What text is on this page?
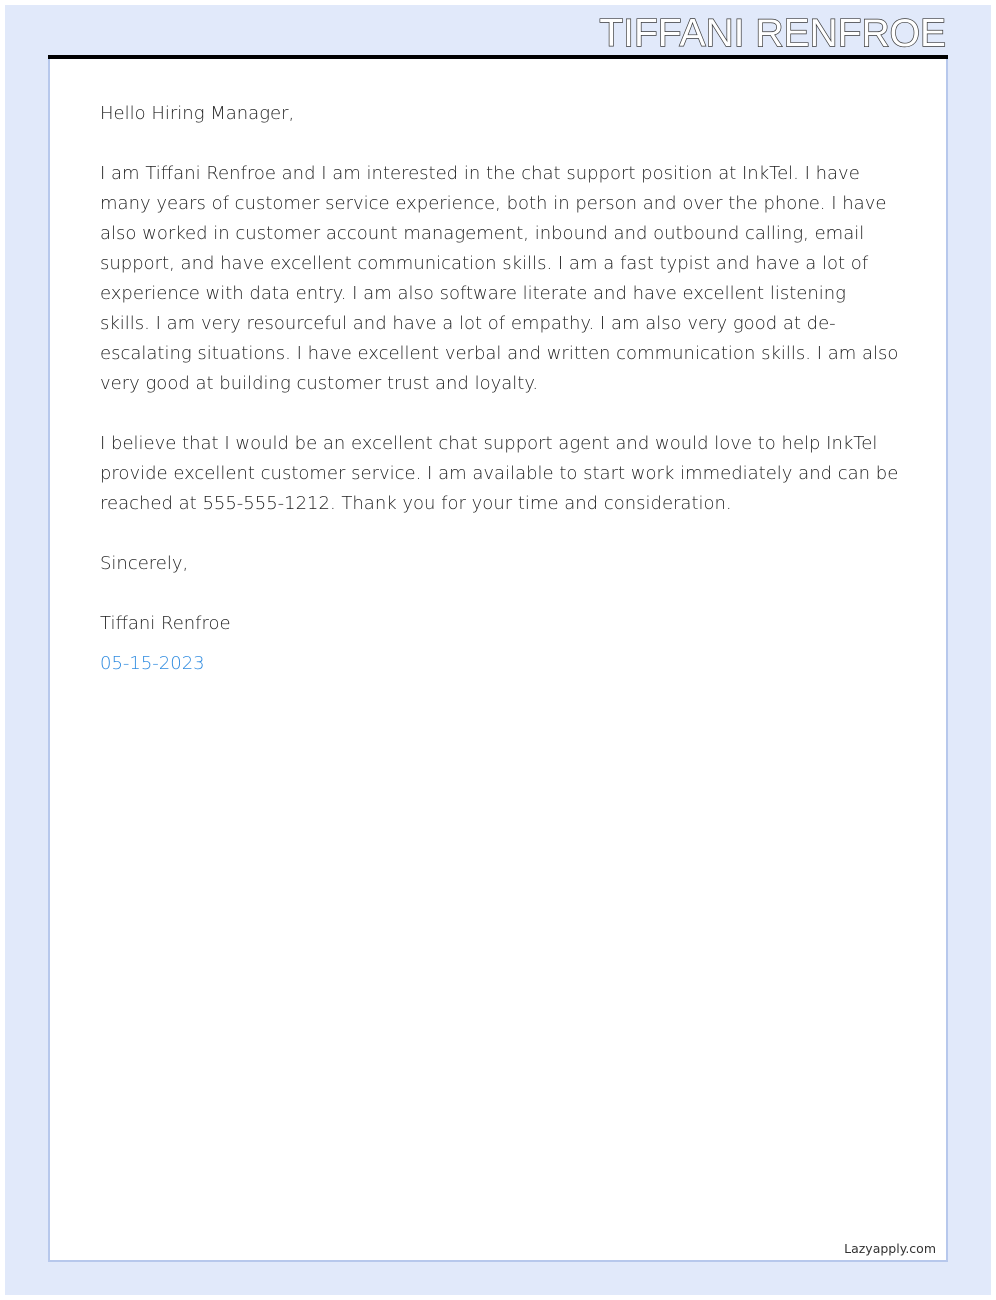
TIFFANI RENFROE

Hello Hiring Manager,

I am Tiffani Renfroe and I am interested in the chat support position at InkTel. I have many years of customer service experience, both in person and over the phone. I have also worked in customer account management, inbound and outbound calling, email support, and have excellent communication skills. I am a fast typist and have a lot of experience with data entry. I am also software literate and have excellent listening skills. I am very resourceful and have a lot of empathy. I am also very good at de-escalating situations. I have excellent verbal and written communication skills. I am also very good at building customer trust and loyalty.

I believe that I would be an excellent chat support agent and would love to help InkTel provide excellent customer service. I am available to start work immediately and can be reached at 555-555-1212. Thank you for your time and consideration.

Sincerely,

Tiffani Renfroe

05-15-2023

Lazyapply.com
